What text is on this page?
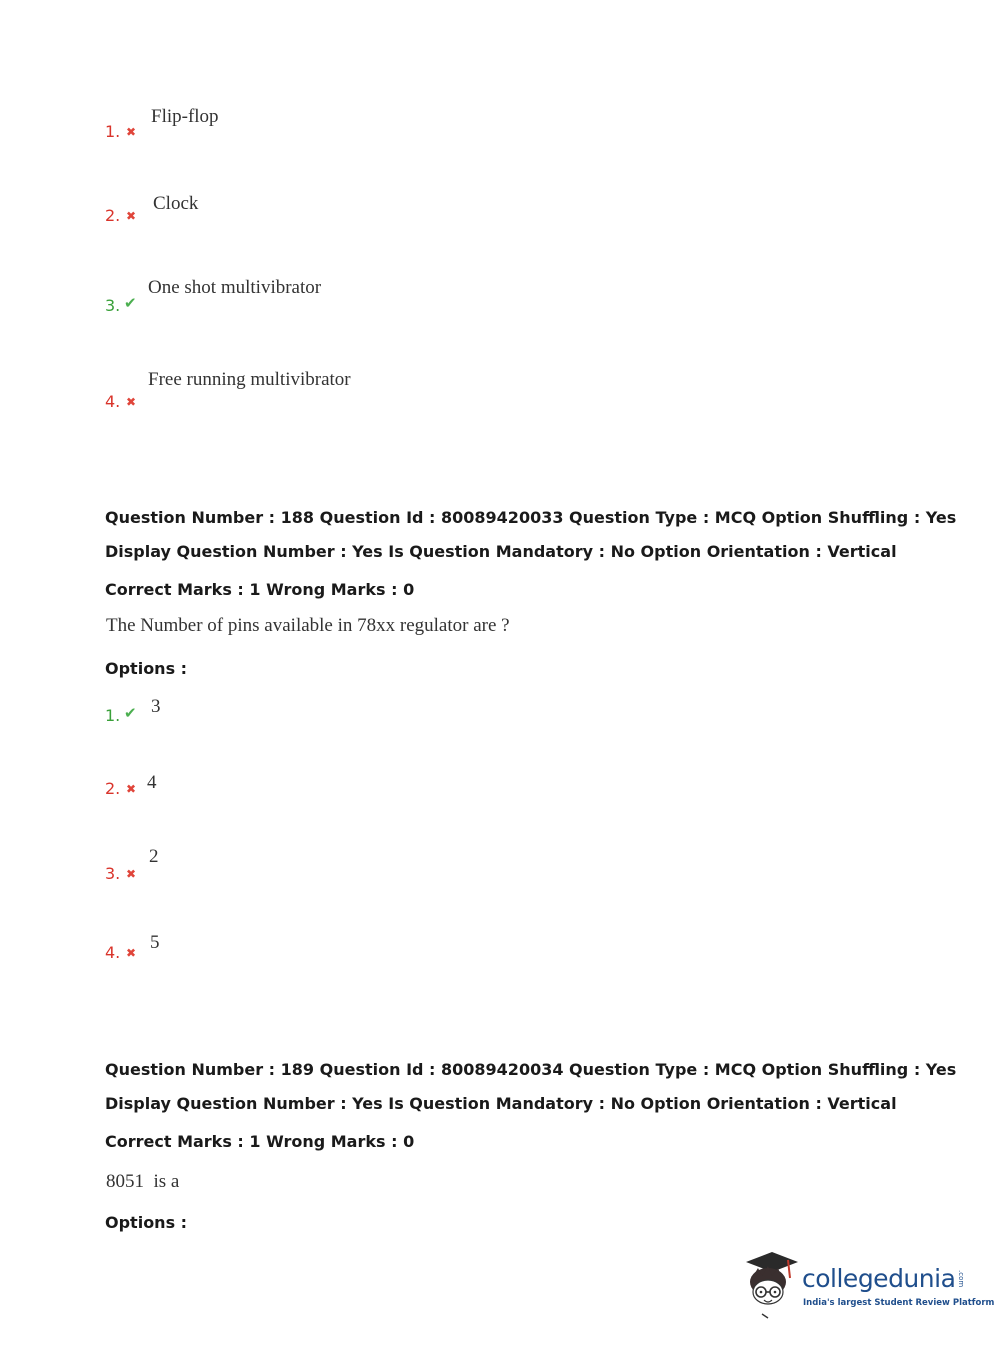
1. ✖
Flip-flop
2. ✖
Clock
3. ✔
One shot multivibrator
4. ✖
Free running multivibrator
Question Number : 188 Question Id : 80089420033 Question Type : MCQ Option Shuffling : Yes
Display Question Number : Yes Is Question Mandatory : No Option Orientation : Vertical
Correct Marks : 1 Wrong Marks : 0
The Number of pins available in 78xx regulator are ?
Options :
1. ✔ 3
2. ✖ 4
3. ✖
2
4. ✖ 5
Question Number : 189 Question Id : 80089420034 Question Type : MCQ Option Shuffling : Yes
Display Question Number : Yes Is Question Mandatory : No Option Orientation : Vertical
Correct Marks : 1 Wrong Marks : 0
8051  is a
Options :
collegedunia .com
India's largest Student Review Platform
